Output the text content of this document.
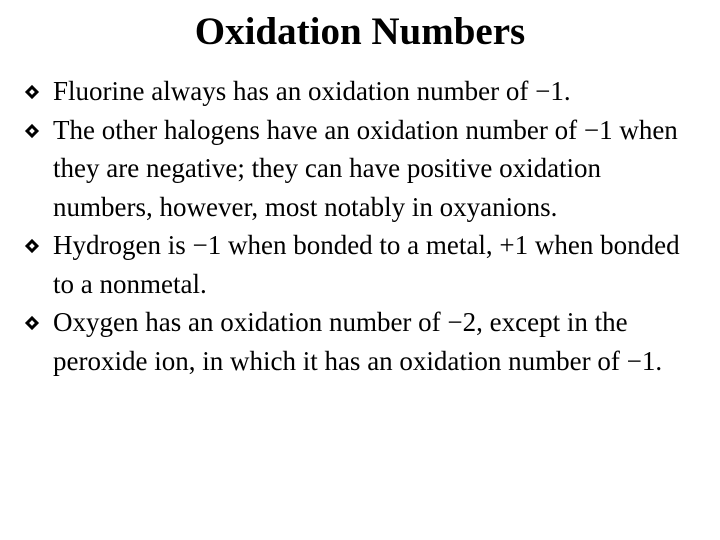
Oxidation Numbers
Fluorine always has an oxidation number of −1.
The other halogens have an oxidation number of −1 when they are negative; they can have positive oxidation numbers, however, most notably in oxyanions.
Hydrogen is −1 when bonded to a metal, +1 when bonded to a nonmetal.
Oxygen has an oxidation number of −2, except in the peroxide ion, in which it has an oxidation number of −1.
